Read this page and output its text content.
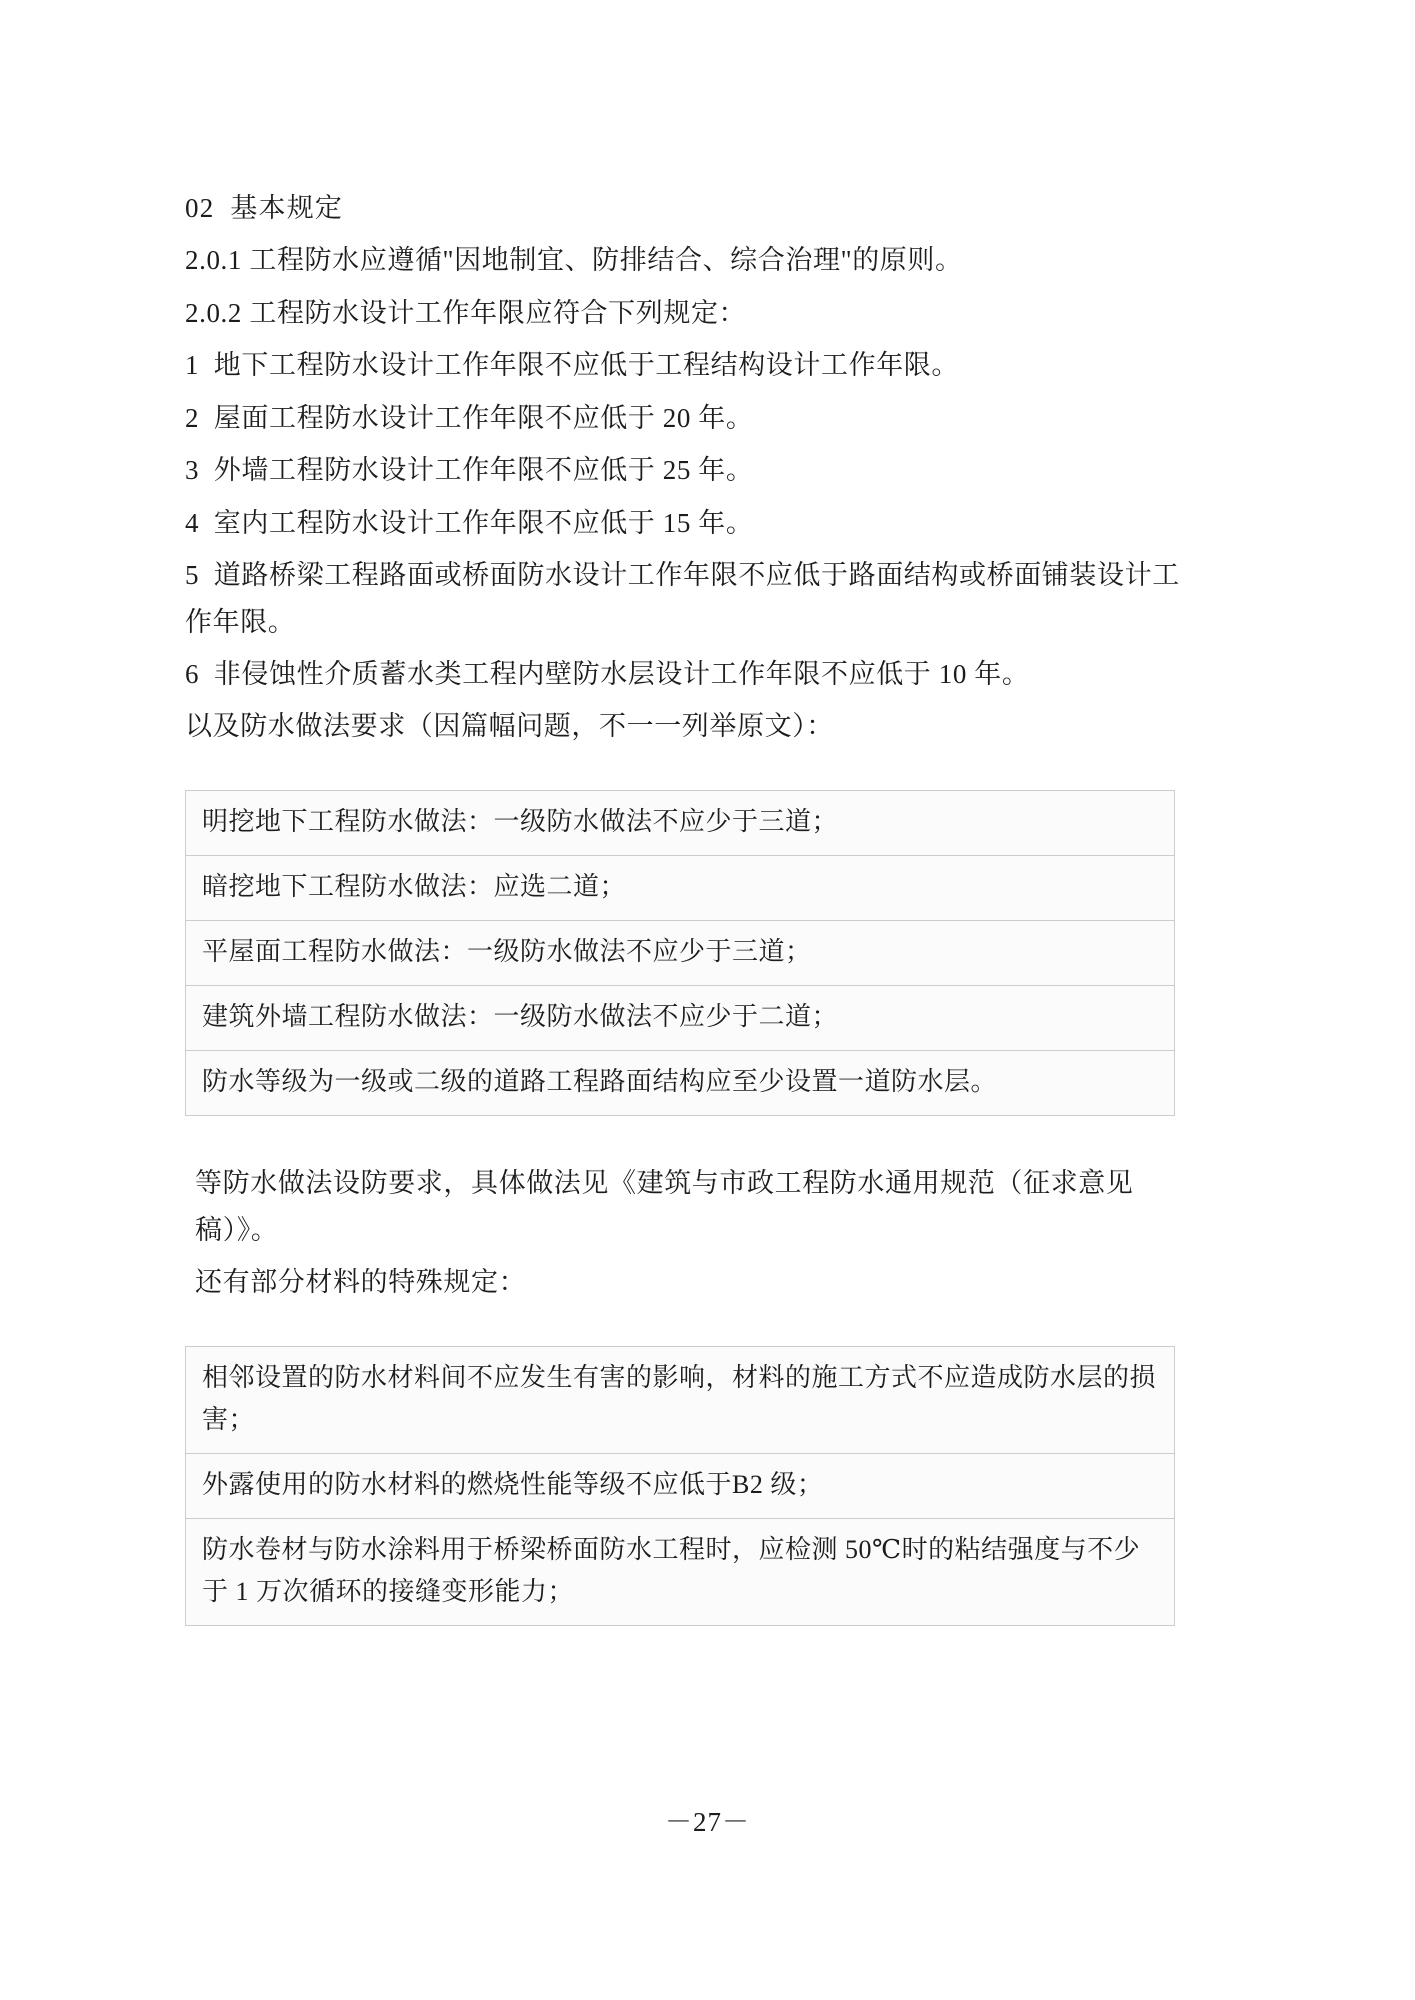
02  基本规定

2.0.1 工程防水应遵循"因地制宜、防排结合、综合治理"的原则。

2.0.2 工程防水设计工作年限应符合下列规定：

1  地下工程防水设计工作年限不应低于工程结构设计工作年限。

2  屋面工程防水设计工作年限不应低于 20 年。

3  外墙工程防水设计工作年限不应低于 25 年。

4  室内工程防水设计工作年限不应低于 15 年。

5  道路桥梁工程路面或桥面防水设计工作年限不应低于路面结构或桥面铺装设计工作年限。

6  非侵蚀性介质蓄水类工程内壁防水层设计工作年限不应低于 10 年。

以及防水做法要求（因篇幅问题，不一一列举原文）：

明挖地下工程防水做法：一级防水做法不应少于三道；
暗挖地下工程防水做法：应选二道；
平屋面工程防水做法：一级防水做法不应少于三道；
建筑外墙工程防水做法：一级防水做法不应少于二道；
防水等级为一级或二级的道路工程路面结构应至少设置一道防水层。

等防水做法设防要求，具体做法见《建筑与市政工程防水通用规范（征求意见稿）》。

还有部分材料的特殊规定：

相邻设置的防水材料间不应发生有害的影响，材料的施工方式不应造成防水层的损害；
外露使用的防水材料的燃烧性能等级不应低于B2 级；
防水卷材与防水涂料用于桥梁桥面防水工程时，应检测 50℃时的粘结强度与不少于 1 万次循环的接缝变形能力；
－27－
